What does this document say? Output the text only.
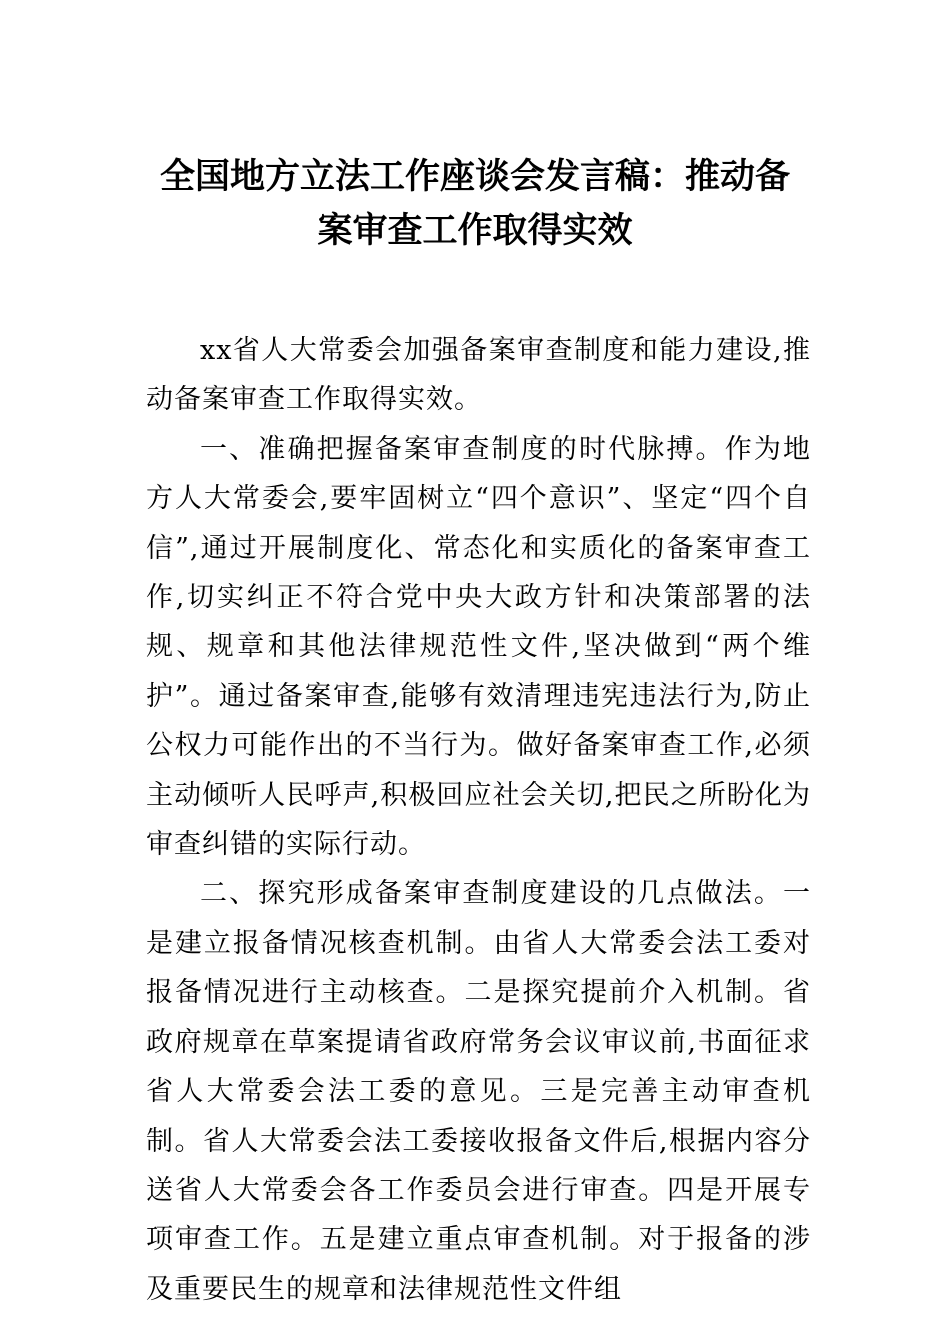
全国地方立法工作座谈会发言稿：推动备
案审查工作取得实效

xx省人大常委会加强备案审查制度和能力建设,推动备案审查工作取得实效。

一、准确把握备案审查制度的时代脉搏。作为地方人大常委会,要牢固树立“四个意识”、坚定“四个自信”,通过开展制度化、常态化和实质化的备案审查工作,切实纠正不符合党中央大政方针和决策部署的法规、规章和其他法律规范性文件,坚决做到“两个维护”。通过备案审查,能够有效清理违宪违法行为,防止公权力可能作出的不当行为。做好备案审查工作,必须主动倾听人民呼声,积极回应社会关切,把民之所盼化为审查纠错的实际行动。

二、探究形成备案审查制度建设的几点做法。一是建立报备情况核查机制。由省人大常委会法工委对报备情况进行主动核查。二是探究提前介入机制。省政府规章在草案提请省政府常务会议审议前,书面征求省人大常委会法工委的意见。三是完善主动审查机制。省人大常委会法工委接收报备文件后,根据内容分送省人大常委会各工作委员会进行审查。四是开展专项审查工作。五是建立重点审查机制。对于报备的涉及重要民生的规章和法律规范性文件组
